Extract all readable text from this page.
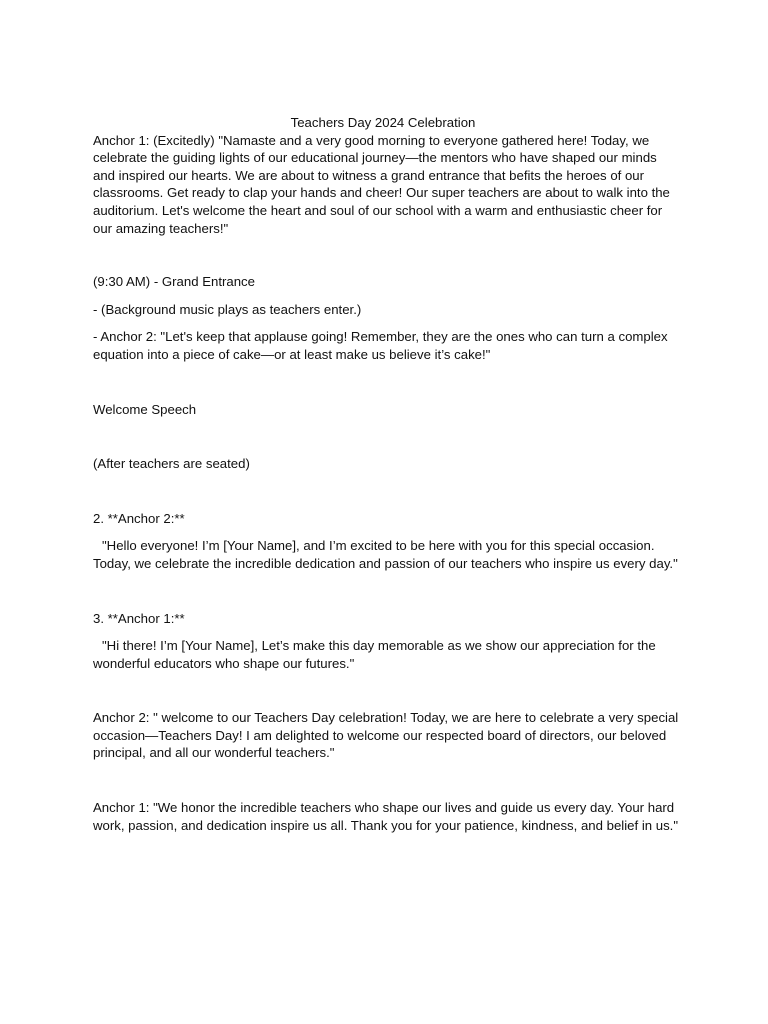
Teachers Day 2024 Celebration

Anchor 1: (Excitedly) "Namaste and a very good morning to everyone gathered here! Today, we celebrate the guiding lights of our educational journey—the mentors who have shaped our minds and inspired our hearts. We are about to witness a grand entrance that befits the heroes of our classrooms. Get ready to clap your hands and cheer! Our super teachers are about to walk into the auditorium. Let's welcome the heart and soul of our school with a warm and enthusiastic cheer for our amazing teachers!"

(9:30 AM) - Grand Entrance

- (Background music plays as teachers enter.)

- Anchor 2: "Let's keep that applause going! Remember, they are the ones who can turn a complex equation into a piece of cake—or at least make us believe it’s cake!"

Welcome Speech

(After teachers are seated)

2. **Anchor 2:**

"Hello everyone! I’m [Your Name], and I’m excited to be here with you for this special occasion. Today, we celebrate the incredible dedication and passion of our teachers who inspire us every day."

3. **Anchor 1:**

"Hi there! I’m [Your Name], Let’s make this day memorable as we show our appreciation for the wonderful educators who shape our futures."

Anchor 2: " welcome to our Teachers Day celebration! Today, we are here to celebrate a very special occasion—Teachers Day! I am delighted to welcome our respected board of directors, our beloved principal, and all our wonderful teachers."

Anchor 1: "We honor the incredible teachers who shape our lives and guide us every day. Your hard work, passion, and dedication inspire us all. Thank you for your patience, kindness, and belief in us."
